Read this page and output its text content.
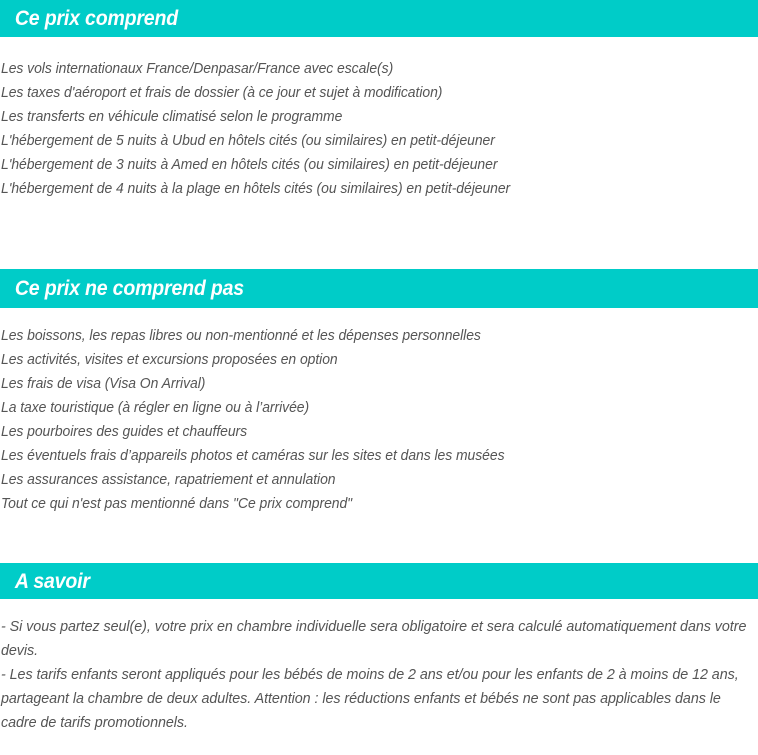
Ce prix comprend
Les vols internationaux France/Denpasar/France avec escale(s)
Les taxes d'aéroport et frais de dossier (à ce jour et sujet à modification)
Les transferts en véhicule climatisé selon le programme
L'hébergement de 5 nuits à Ubud en hôtels cités (ou similaires) en petit-déjeuner
L'hébergement de 3 nuits à Amed en hôtels cités (ou similaires) en petit-déjeuner
L'hébergement de 4 nuits à la plage en hôtels cités (ou similaires) en petit-déjeuner
Ce prix ne comprend pas
Les boissons, les repas libres ou non-mentionné et les dépenses personnelles
Les activités, visites et excursions proposées en option
Les frais de visa (Visa On Arrival)
La taxe touristique (à régler en ligne ou à l’arrivée)
Les pourboires des guides et chauffeurs
Les éventuels frais d’appareils photos et caméras sur les sites et dans les musées
Les assurances assistance, rapatriement et annulation
Tout ce qui n'est pas mentionné dans "Ce prix comprend"
A savoir

- Si vous partez seul(e), votre prix en chambre individuelle sera obligatoire et sera calculé automatiquement dans votre devis.

- Les tarifs enfants seront appliqués pour les bébés de moins de 2 ans et/ou pour les enfants de 2 à moins de 12 ans, partageant la chambre de deux adultes. Attention : les réductions enfants et bébés ne sont pas applicables dans le cadre de tarifs promotionnels.
